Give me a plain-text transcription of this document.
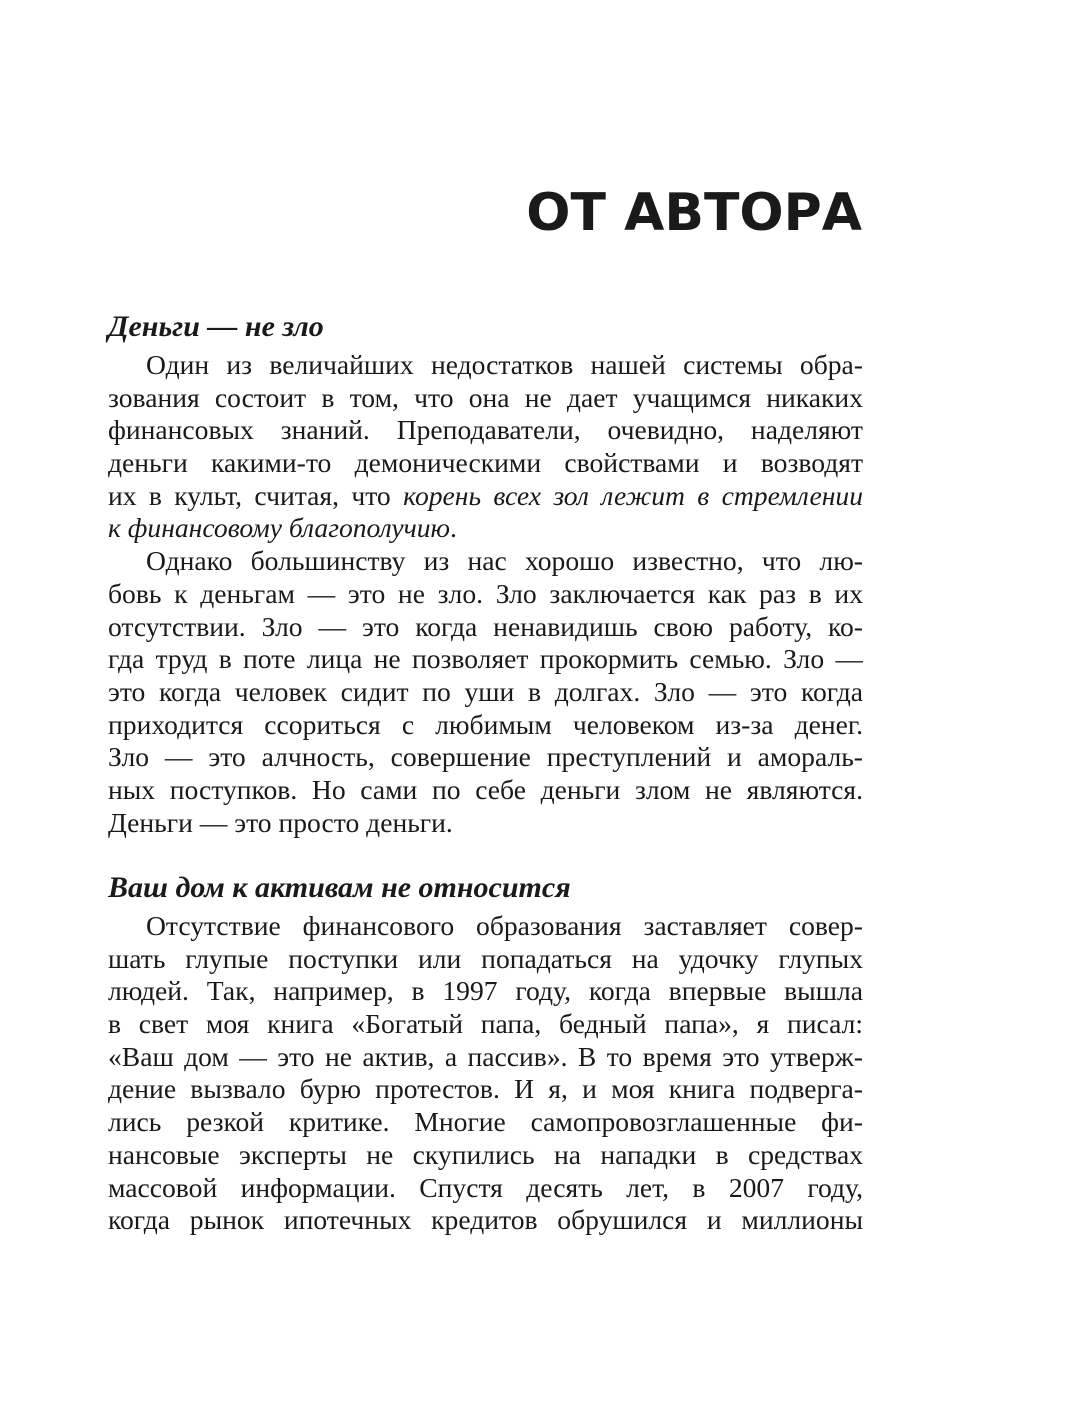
ОТ АВТОРА
Деньги — не зло
Один из величайших недостатков нашей системы обра-
зования состоит в том, что она не дает учащимся никаких
финансовых знаний. Преподаватели, очевидно, наделяют
деньги какими-то демоническими свойствами и возводят
их в культ, считая, что корень всех зол лежит в стремлении
к финансовому благополучию.
Однако большинству из нас хорошо известно, что лю-
бовь к деньгам — это не зло. Зло заключается как раз в их
отсутствии. Зло — это когда ненавидишь свою работу, ко-
гда труд в поте лица не позволяет прокормить семью. Зло —
это когда человек сидит по уши в долгах. Зло — это когда
приходится ссориться с любимым человеком из-за денег.
Зло — это алчность, совершение преступлений и амораль-
ных поступков. Но сами по себе деньги злом не являются.
Деньги — это просто деньги.
Ваш дом к активам не относится
Отсутствие финансового образования заставляет совер-
шать глупые поступки или попадаться на удочку глупых
людей. Так, например, в 1997 году, когда впервые вышла
в свет моя книга «Богатый папа, бедный папа», я писал:
«Ваш дом — это не актив, а пассив». В то время это утверж-
дение вызвало бурю протестов. И я, и моя книга подверга-
лись резкой критике. Многие самопровозглашенные фи-
нансовые эксперты не скупились на нападки в средствах
массовой информации. Спустя десять лет, в 2007 году,
когда рынок ипотечных кредитов обрушился и миллионы
